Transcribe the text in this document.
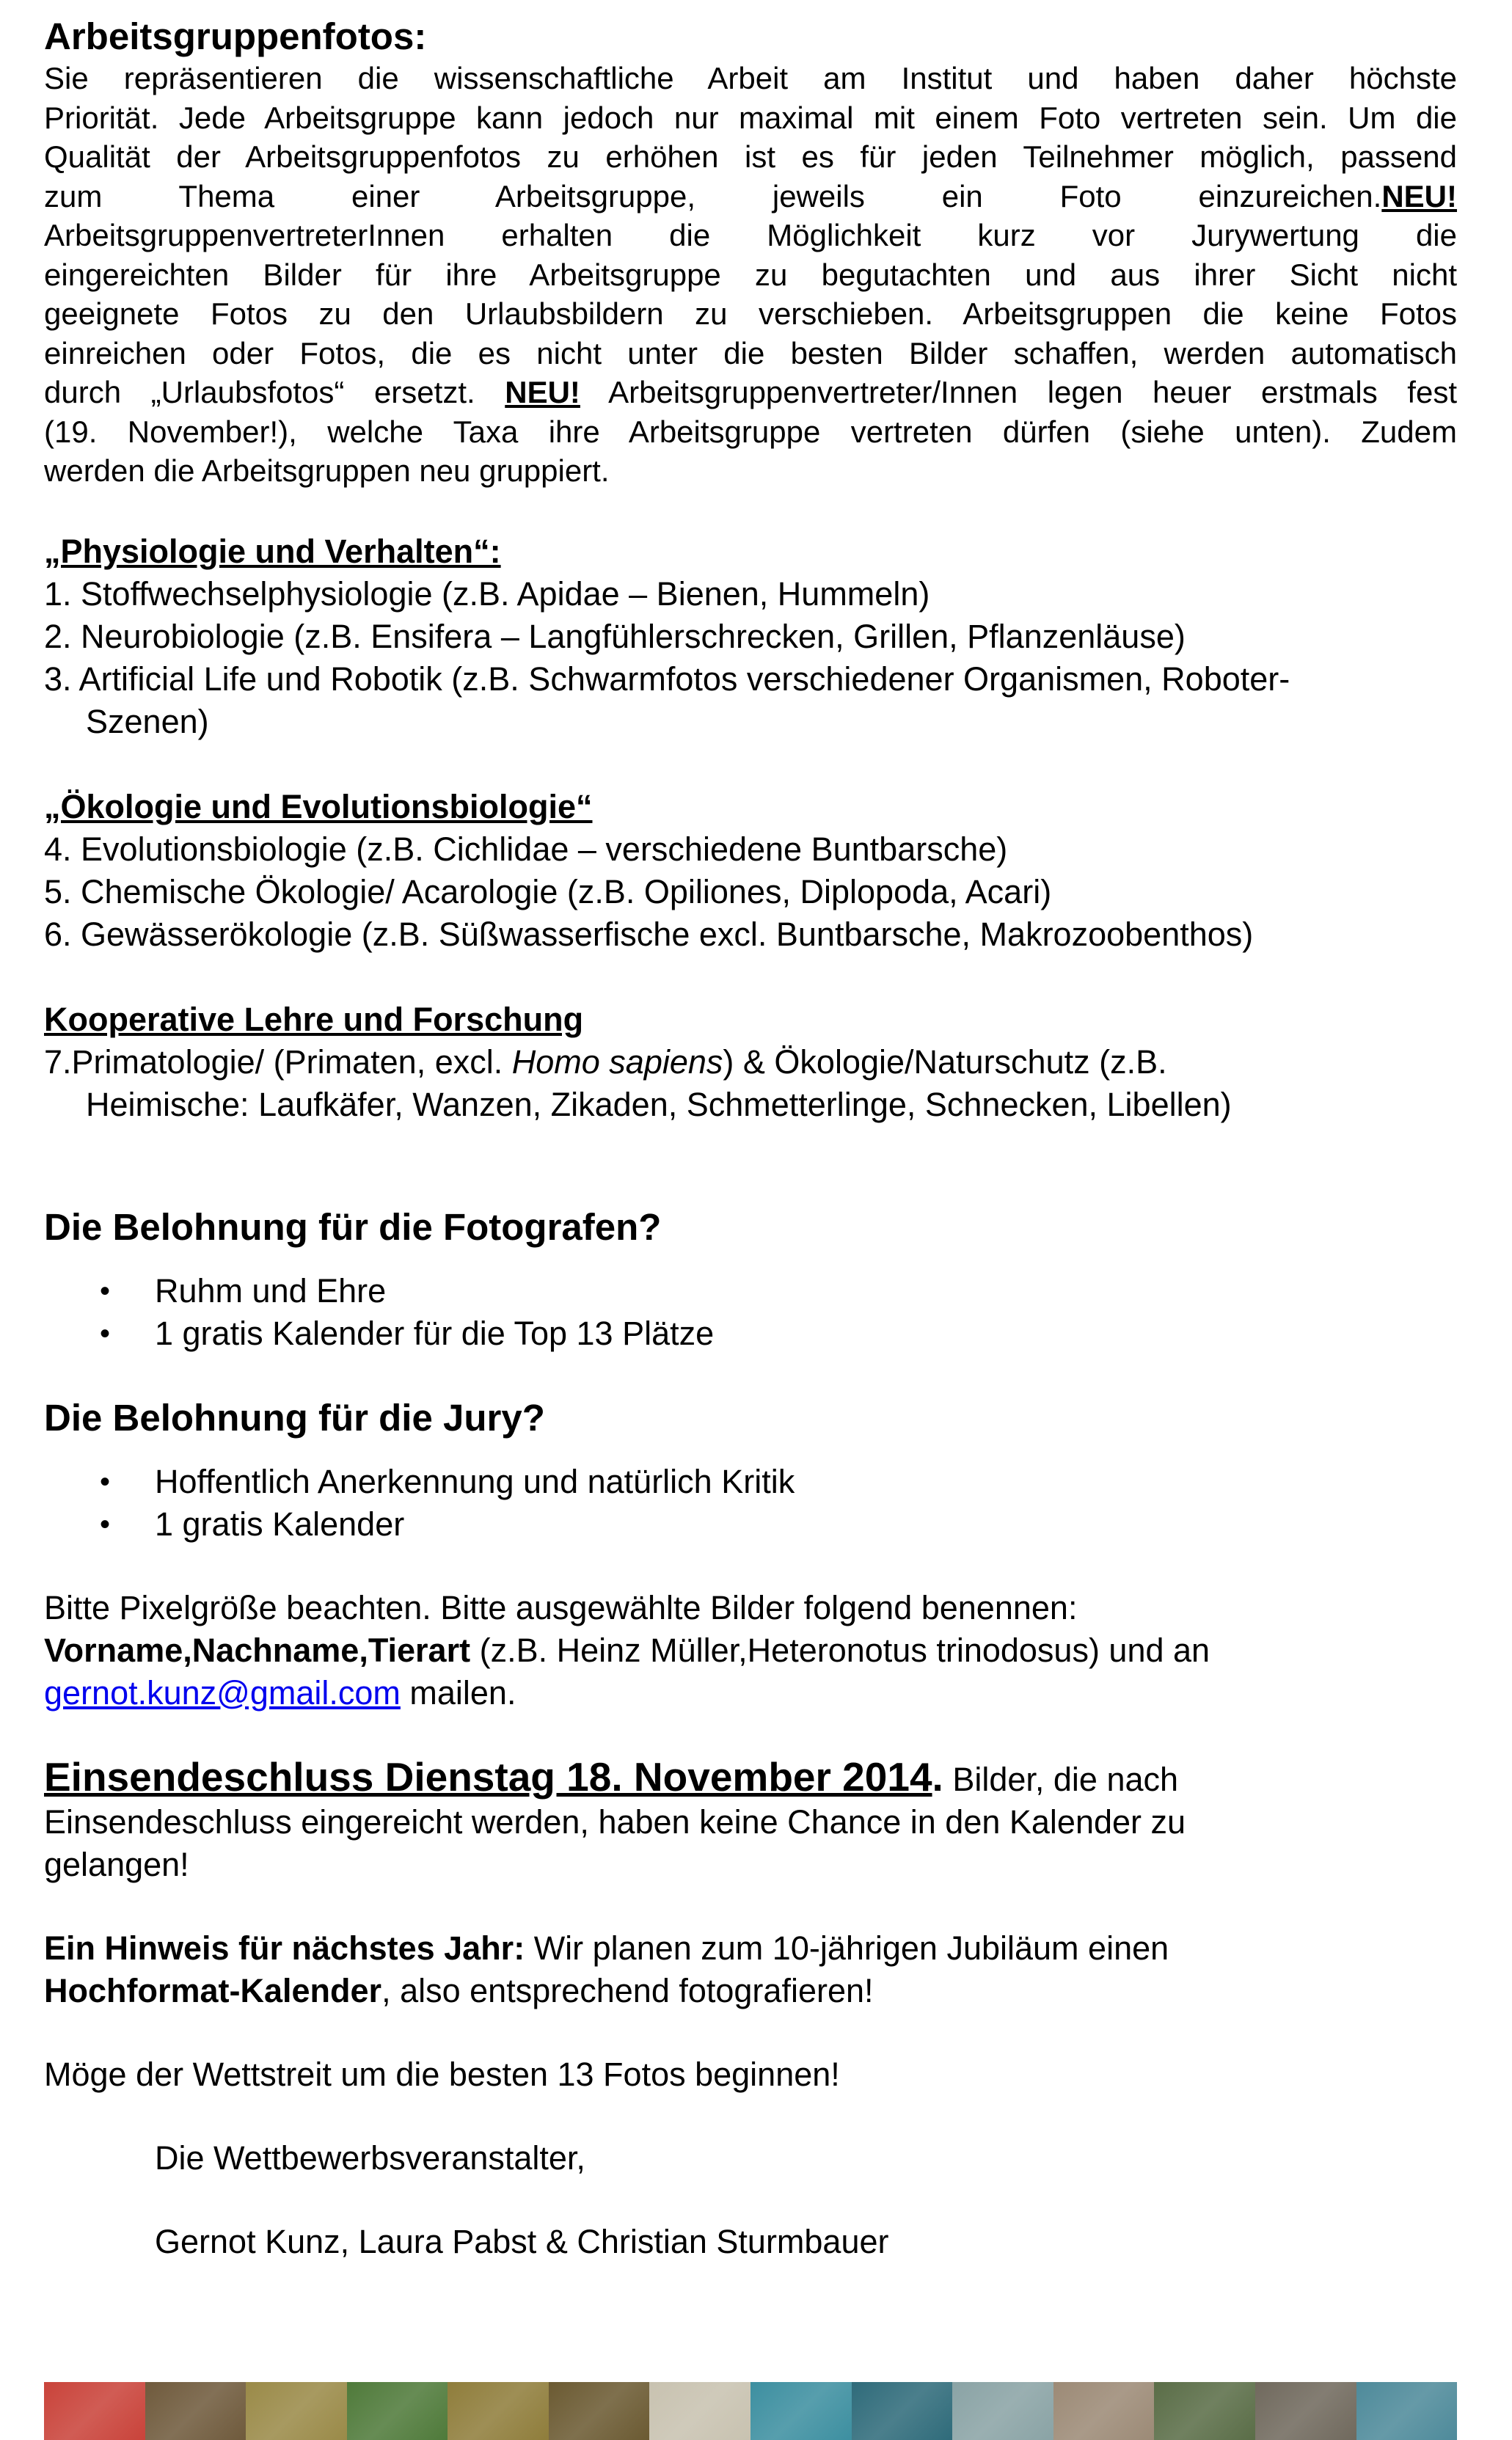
Arbeitsgruppenfotos:

Sie repräsentieren die wissenschaftliche Arbeit am Institut und haben daher höchste

Priorität. Jede Arbeitsgruppe kann jedoch nur maximal mit einem Foto vertreten sein. Um die

Qualität der Arbeitsgruppenfotos zu erhöhen ist es für jeden Teilnehmer möglich, passend

zum Thema einer Arbeitsgruppe, jeweils ein Foto einzureichen. NEU!

ArbeitsgruppenvertreterInnen erhalten die Möglichkeit kurz vor Jurywertung die

eingereichten Bilder für ihre Arbeitsgruppe zu begutachten und aus ihrer Sicht nicht

geeignete Fotos zu den Urlaubsbildern zu verschieben. Arbeitsgruppen die keine Fotos

einreichen oder Fotos, die es nicht unter die besten Bilder schaffen, werden automatisch

durch „Urlaubsfotos“ ersetzt. NEU! Arbeitsgruppenvertreter/Innen legen heuer erstmals fest

(19. November!), welche Taxa ihre Arbeitsgruppe vertreten dürfen (siehe unten). Zudem

werden die Arbeitsgruppen neu gruppiert.

„Physiologie und Verhalten“:

1. Stoffwechselphysiologie (z.B. Apidae – Bienen, Hummeln)

2. Neurobiologie (z.B. Ensifera – Langfühlerschrecken, Grillen, Pflanzenläuse)

3. Artificial Life und Robotik (z.B. Schwarmfotos verschiedener Organismen, Roboter-

Szenen)

„Ökologie und Evolutionsbiologie“

4. Evolutionsbiologie (z.B. Cichlidae – verschiedene Buntbarsche)

5. Chemische Ökologie/ Acarologie (z.B. Opiliones, Diplopoda, Acari)

6. Gewässerökologie (z.B. Süßwasserfische excl. Buntbarsche, Makrozoobenthos)

Kooperative Lehre und Forschung

7.Primatologie/ (Primaten, excl. Homo sapiens) & Ökologie/Naturschutz (z.B.

Heimische: Laufkäfer, Wanzen, Zikaden, Schmetterlinge, Schnecken, Libellen)

Die Belohnung für die Fotografen?
• Ruhm und Ehre
• 1 gratis Kalender für die Top 13 Plätze
Die Belohnung für die Jury?
• Hoffentlich Anerkennung und natürlich Kritik
• 1 gratis Kalender

Bitte Pixelgröße beachten. Bitte ausgewählte Bilder folgend benennen:

Vorname,Nachname,Tierart (z.B. Heinz Müller,Heteronotus trinodosus) und an

gernot.kunz@gmail.com mailen.

Einsendeschluss Dienstag 18. November 2014. Bilder, die nach

Einsendeschluss eingereicht werden, haben keine Chance in den Kalender zu

gelangen!

Ein Hinweis für nächstes Jahr: Wir planen zum 10-jährigen Jubiläum einen

Hochformat-Kalender, also entsprechend fotografieren!

Möge der Wettstreit um die besten 13 Fotos beginnen!

Die Wettbewerbsveranstalter,

Gernot Kunz, Laura Pabst & Christian Sturmbauer
